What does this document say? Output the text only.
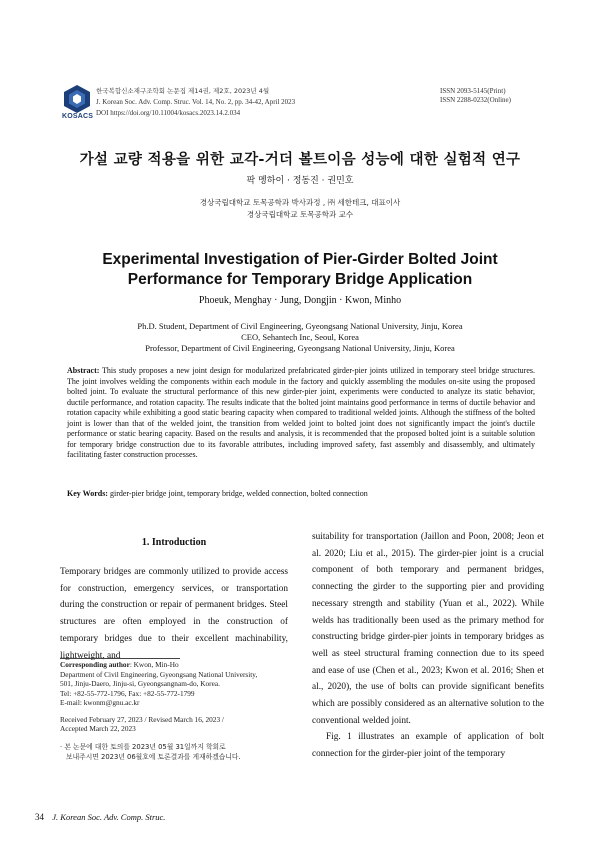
KOSACS
한국복합신소재구조학회 논문집 제14권, 제2호, 2023년 4월
J. Korean Soc. Adv. Comp. Struc. Vol. 14, No. 2, pp. 34-42, April 2023
DOI https://doi.org/10.11004/kosacs.2023.14.2.034
ISSN 2093-5145(Print)
ISSN 2288-0232(Online)
가설 교량 적용을 위한 교각-거더 볼트이음 성능에 대한 실험적 연구
팍 멩하이 · 정동진 · 권민호
경상국립대학교 토목공학과 박사과정 , ㈜ 세한테크, 대표이사
경상국립대학교 토목공학과 교수
Experimental Investigation of Pier-Girder Bolted Joint
Performance for Temporary Bridge Application
Phoeuk, Menghay · Jung, Dongjin · Kwon, Minho
Ph.D. Student, Department of Civil Engineering, Gyeongsang National University, Jinju, Korea
CEO, Sehantech Inc, Seoul, Korea
Professor, Department of Civil Engineering, Gyeongsang National University, Jinju, Korea
Abstract: This study proposes a new joint design for modularized prefabricated girder-pier joints utilized in temporary steel bridge structures. The joint involves welding the components within each module in the factory and quickly assembling the modules on-site using the proposed bolted joint. To evaluate the structural performance of this new girder-pier joint, experiments were conducted to analyze its static behavior, ductile performance, and rotation capacity. The results indicate that the bolted joint maintains good performance in terms of ductile behavior and rotation capacity while exhibiting a good static bearing capacity when compared to traditional welded joints. Although the stiffness of the bolted joint is lower than that of the welded joint, the transition from welded joint to bolted joint does not significantly impact the joint's ductile performance or static bearing capacity. Based on the results and analysis, it is recommended that the proposed bolted joint is a suitable solution for temporary bridge construction due to its favorable attributes, including improved safety, fast assembly and disassembly, and ultimately facilitating faster construction processes.
Key Words: girder-pier bridge joint, temporary bridge, welded connection, bolted connection
1. Introduction
Temporary bridges are commonly utilized to provide access for construction, emergency services, or transportation during the construction or repair of permanent bridges. Steel structures are often employed in the construction of temporary bridges due to their excellent machinability, lightweight, and
Corresponding author: Kwon, Min-Ho
Department of Civil Engineering, Gyeongsang National University,
501, Jinju-Daero, Jinju-si, Gyeongsangnam-do, Korea.
Tel: +82-55-772-1796, Fax: +82-55-772-1799
E-mail: kwonm@gnu.ac.kr
Received February 27, 2023 / Revised March 16, 2023 /
Accepted March 22, 2023
· 본 논문에 대한 토의를 2023년 05월 31일까지 학회로
보내주시면 2023년 06월호에 토론결과를 게재하겠습니다.
suitability for transportation (Jaillon and Poon, 2008; Jeon et al. 2020; Liu et al., 2015). The girder-pier joint is a crucial component of both temporary and permanent bridges, connecting the girder to the supporting pier and providing necessary strength and stability (Yuan et al., 2022). While welds has traditionally been used as the primary method for constructing bridge girder-pier joints in temporary bridges as well as steel structural framing connection due to its speed and ease of use (Chen et al., 2023; Kwon et al. 2016; Shen et al., 2020), the use of bolts can provide significant benefits which are possibly considered as an alternative solution to the conventional welded joint.
Fig. 1 illustrates an example of application of bolt connection for the girder-pier joint of the temporary
34 J. Korean Soc. Adv. Comp. Struc.
